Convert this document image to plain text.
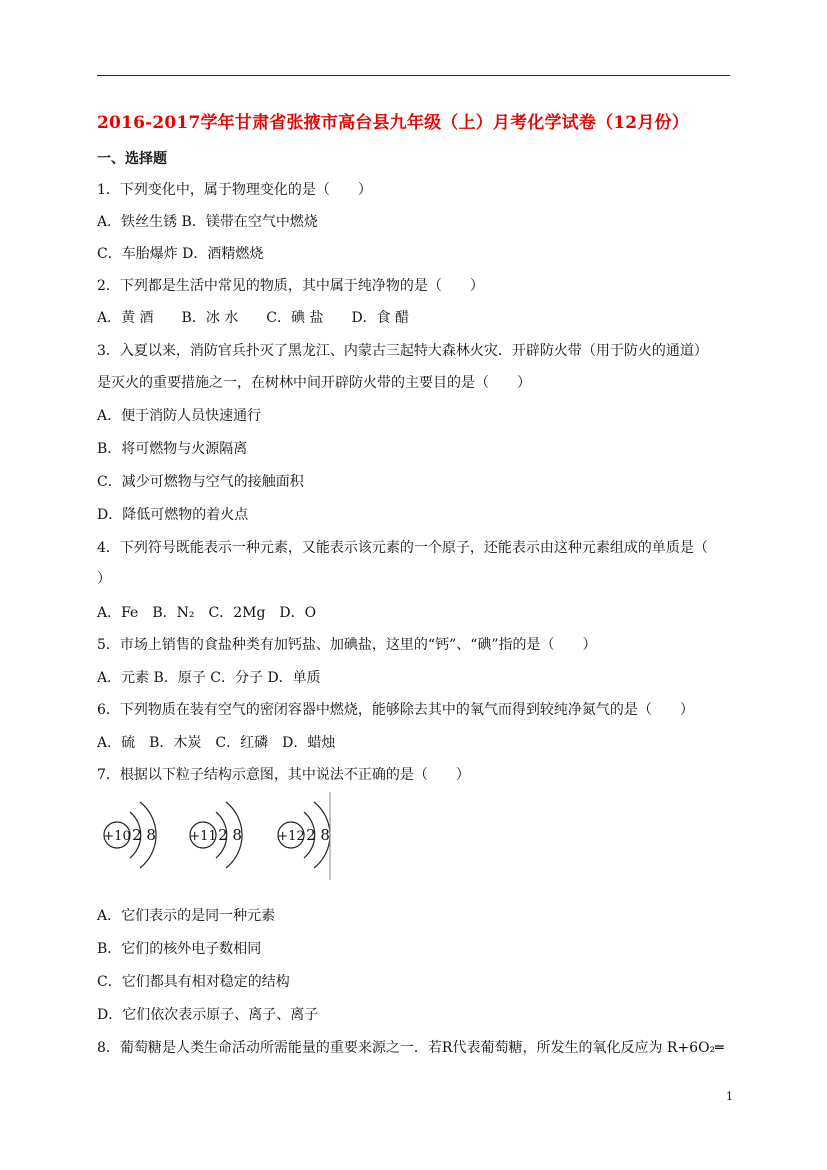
2016-2017学年甘肃省张掖市高台县九年级（上）月考化学试卷（12月份）
一、选择题
1．下列变化中，属于物理变化的是（　　）
A．铁丝生锈 B．镁带在空气中燃烧
C．车胎爆炸 D．酒精燃烧
2．下列都是生活中常见的物质，其中属于纯净物的是（　　）
A．黄 酒　　B．冰 水　　C．碘 盐　　D．食 醋
3．入夏以来，消防官兵扑灭了黑龙江、内蒙古三起特大森林火灾．开辟防火带（用于防火的通道）
是灭火的重要措施之一，在树林中间开辟防火带的主要目的是（　　）
A．便于消防人员快速通行
B．将可燃物与火源隔离
C．减少可燃物与空气的接触面积
D．降低可燃物的着火点
4．下列符号既能表示一种元素，又能表示该元素的一个原子，还能表示由这种元素组成的单质是（
）
A．Fe　B．N₂　C．2Mg　D．O
5．市场上销售的食盐种类有加钙盐、加碘盐，这里的“钙”、“碘”指的是（　　）
A．元素 B．原子 C．分子 D．单质
6．下列物质在装有空气的密闭容器中燃烧，能够除去其中的氧气而得到较纯净氮气的是（　　）
A．硫　B．木炭　C．红磷　D．蜡烛
7．根据以下粒子结构示意图，其中说法不正确的是（　　）
+10 2 8	+11 2 8	+12 2 8
A．它们表示的是同一种元素
B．它们的核外电子数相同
C．它们都具有相对稳定的结构
D．它们依次表示原子、离子、离子
8．葡萄糖是人类生命活动所需能量的重要来源之一．若R代表葡萄糖，所发生的氧化反应为 R+6O₂═
1
